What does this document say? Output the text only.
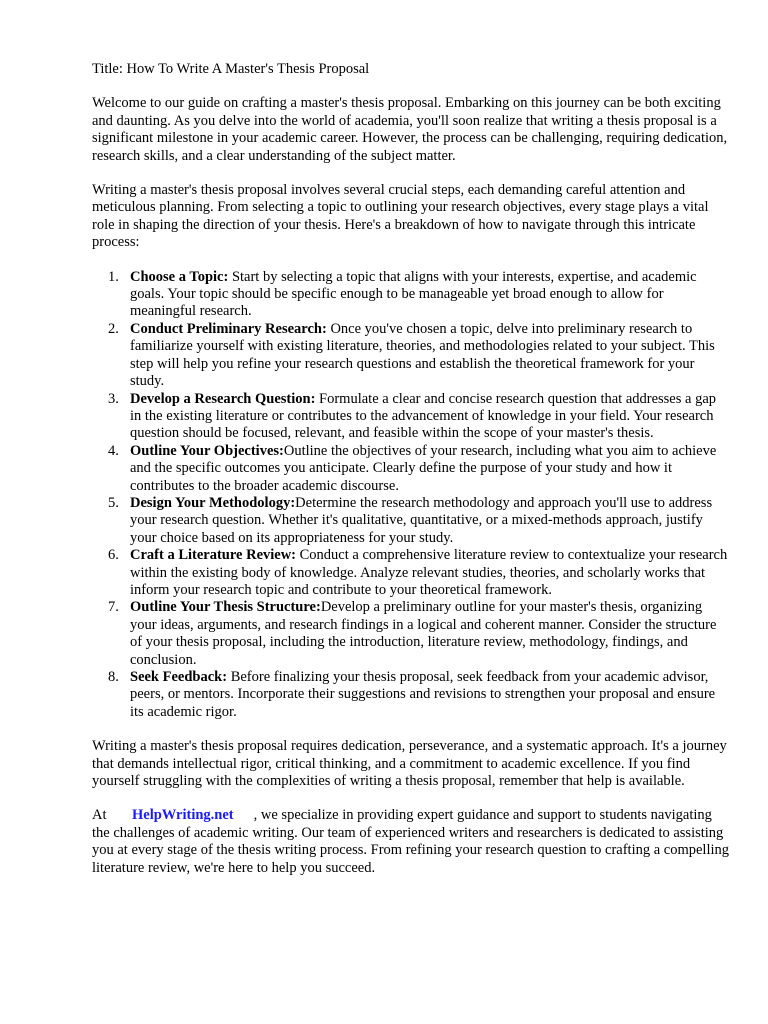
Title: How To Write A Master's Thesis Proposal

Welcome to our guide on crafting a master's thesis proposal. Embarking on this journey can be both exciting and daunting. As you delve into the world of academia, you'll soon realize that writing a thesis proposal is a significant milestone in your academic career. However, the process can be challenging, requiring dedication, research skills, and a clear understanding of the subject matter.

Writing a master's thesis proposal involves several crucial steps, each demanding careful attention and meticulous planning. From selecting a topic to outlining your research objectives, every stage plays a vital role in shaping the direction of your thesis. Here's a breakdown of how to navigate through this intricate process:

1. Choose a Topic: Start by selecting a topic that aligns with your interests, expertise, and academic goals. Your topic should be specific enough to be manageable yet broad enough to allow for meaningful research.
2. Conduct Preliminary Research: Once you've chosen a topic, delve into preliminary research to familiarize yourself with existing literature, theories, and methodologies related to your subject. This step will help you refine your research questions and establish the theoretical framework for your study.
3. Develop a Research Question: Formulate a clear and concise research question that addresses a gap in the existing literature or contributes to the advancement of knowledge in your field. Your research question should be focused, relevant, and feasible within the scope of your master's thesis.
4. Outline Your Objectives:Outline the objectives of your research, including what you aim to achieve and the specific outcomes you anticipate. Clearly define the purpose of your study and how it contributes to the broader academic discourse.
5. Design Your Methodology:Determine the research methodology and approach you'll use to address your research question. Whether it's qualitative, quantitative, or a mixed-methods approach, justify your choice based on its appropriateness for your study.
6. Craft a Literature Review: Conduct a comprehensive literature review to contextualize your research within the existing body of knowledge. Analyze relevant studies, theories, and scholarly works that inform your research topic and contribute to your theoretical framework.
7. Outline Your Thesis Structure:Develop a preliminary outline for your master's thesis, organizing your ideas, arguments, and research findings in a logical and coherent manner. Consider the structure of your thesis proposal, including the introduction, literature review, methodology, findings, and conclusion.
8. Seek Feedback: Before finalizing your thesis proposal, seek feedback from your academic advisor, peers, or mentors. Incorporate their suggestions and revisions to strengthen your proposal and ensure its academic rigor.

Writing a master's thesis proposal requires dedication, perseverance, and a systematic approach. It's a journey that demands intellectual rigor, critical thinking, and a commitment to academic excellence. If you find yourself struggling with the complexities of writing a thesis proposal, remember that help is available.

At HelpWriting.net , we specialize in providing expert guidance and support to students navigating the challenges of academic writing. Our team of experienced writers and researchers is dedicated to assisting you at every stage of the thesis writing process. From refining your research question to crafting a compelling literature review, we're here to help you succeed.
